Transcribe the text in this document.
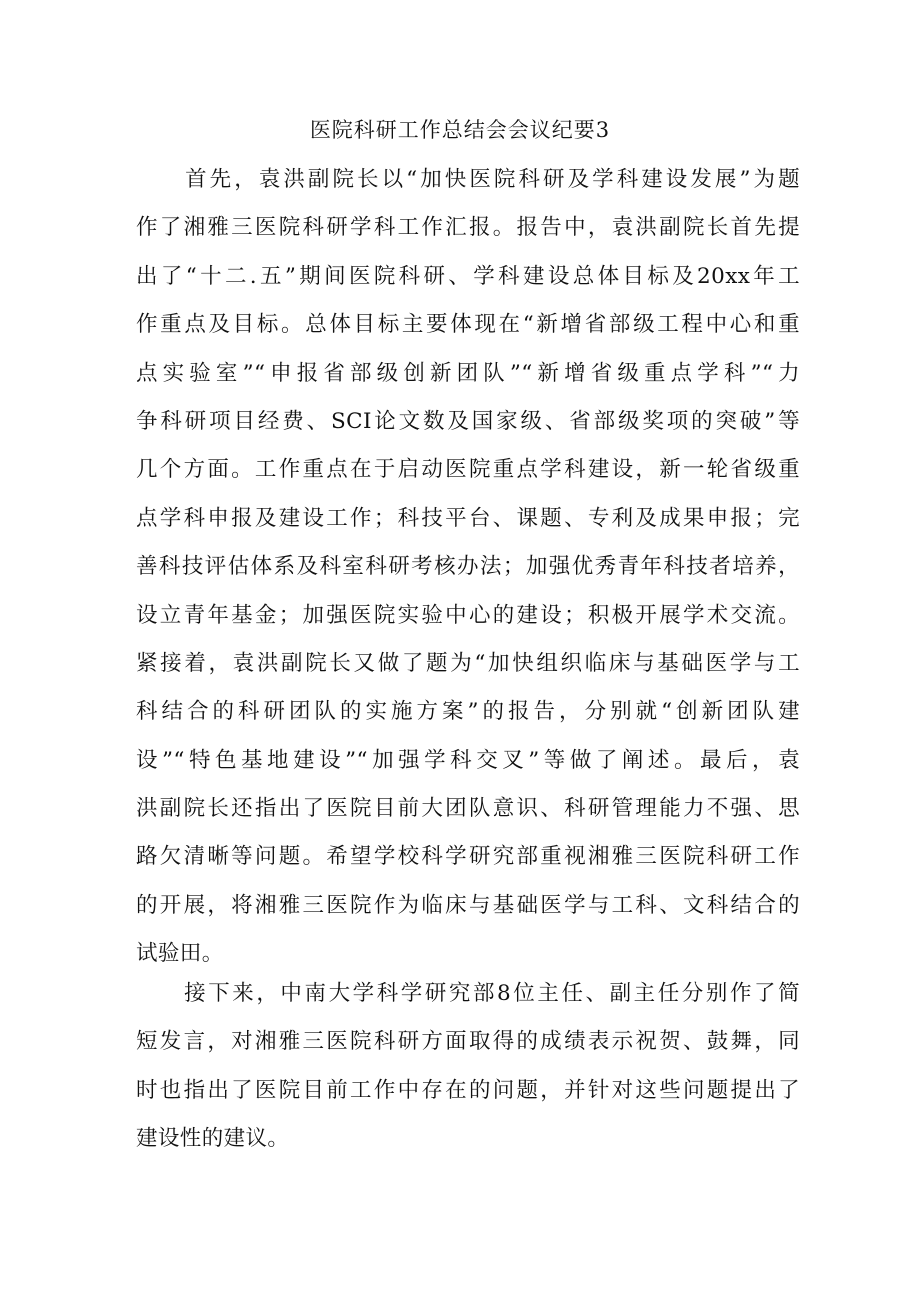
医院科研工作总结会会议纪要3
　　首先，袁洪副院长以“加快医院科研及学科建设发展”为题
作了湘雅三医院科研学科工作汇报。报告中，袁洪副院长首先提
出了“十二.五”期间医院科研、学科建设总体目标及20xx年工
作重点及目标。总体目标主要体现在“新增省部级工程中心和重
点实验室”“申报省部级创新团队”“新增省级重点学科”“力
争科研项目经费、SCI论文数及国家级、省部级奖项的突破”等
几个方面。工作重点在于启动医院重点学科建设，新一轮省级重
点学科申报及建设工作；科技平台、课题、专利及成果申报；完
善科技评估体系及科室科研考核办法；加强优秀青年科技者培养，
设立青年基金；加强医院实验中心的建设；积极开展学术交流。
紧接着，袁洪副院长又做了题为“加快组织临床与基础医学与工
科结合的科研团队的实施方案”的报告，分别就“创新团队建
设”“特色基地建设”“加强学科交叉”等做了阐述。最后，袁
洪副院长还指出了医院目前大团队意识、科研管理能力不强、思
路欠清晰等问题。希望学校科学研究部重视湘雅三医院科研工作
的开展，将湘雅三医院作为临床与基础医学与工科、文科结合的
试验田。
　　接下来，中南大学科学研究部8位主任、副主任分别作了简
短发言，对湘雅三医院科研方面取得的成绩表示祝贺、鼓舞，同
时也指出了医院目前工作中存在的问题，并针对这些问题提出了
建设性的建议。
